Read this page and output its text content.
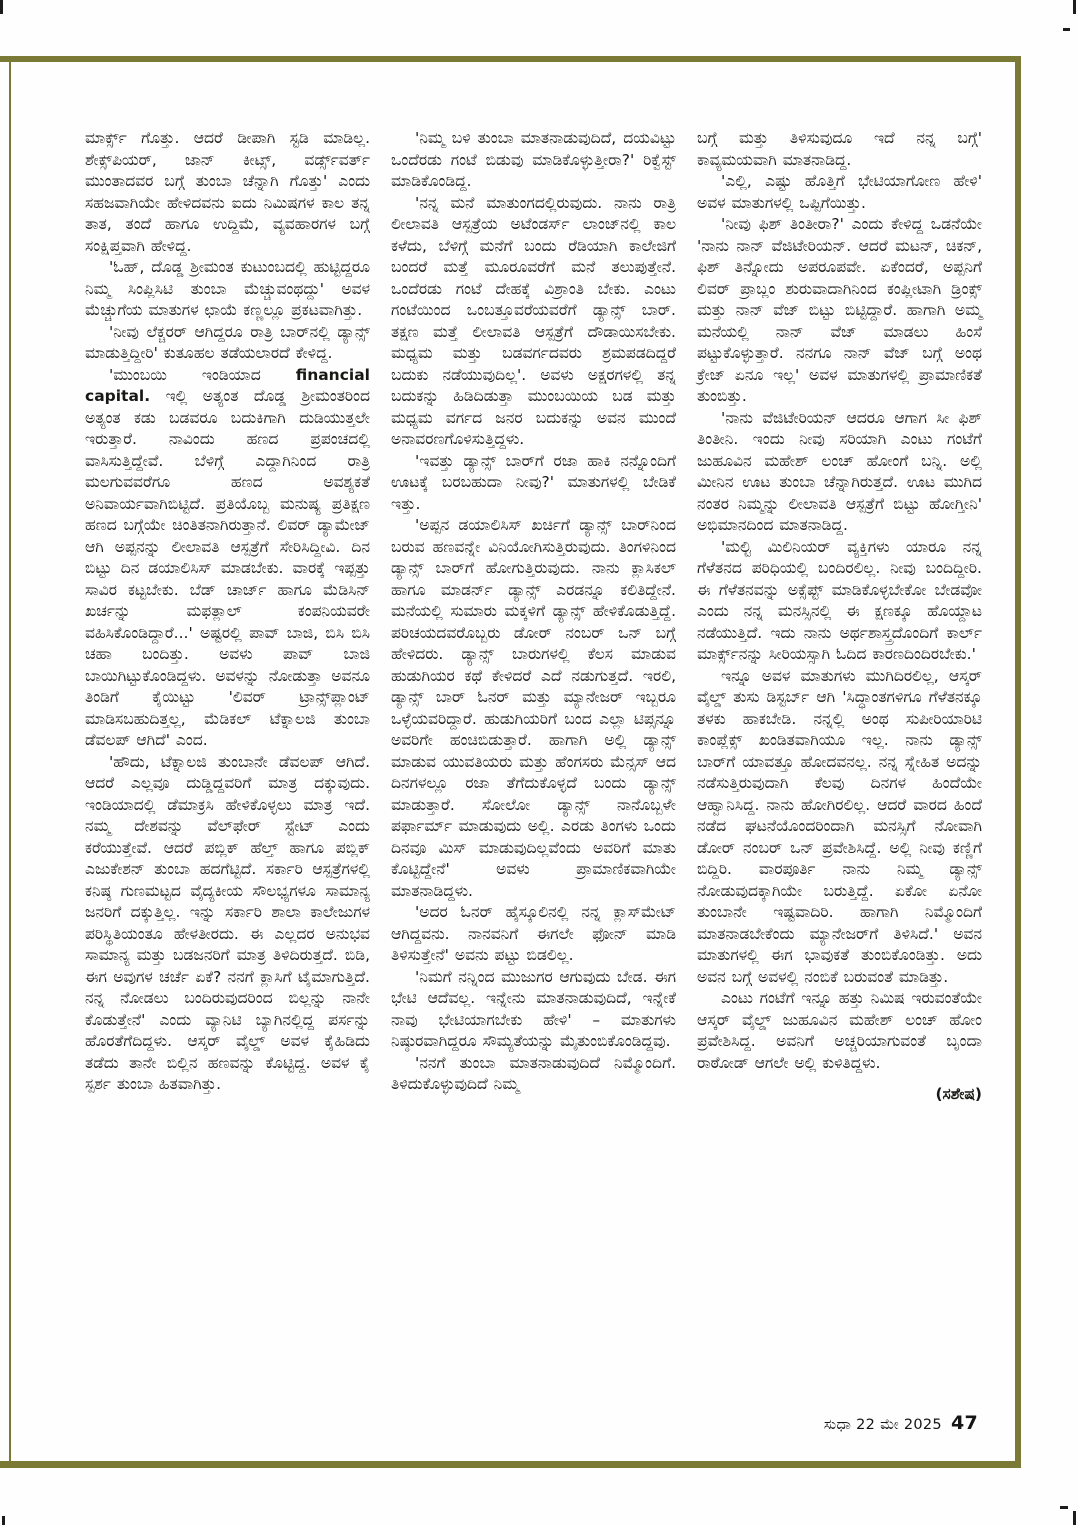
ಮಾರ್ಕ್ಸ್ ಗೊತ್ತು. ಆದರೆ ಡೀಪಾಗಿ ಸ್ಟಡಿ ಮಾಡಿಲ್ಲ. ಶೇಕ್ಸ್‌ಪಿಯರ್, ಜಾನ್ ಕೀಟ್ಸ್, ವರ್ಡ್ಸ್‌ವರ್ತ್ ಮುಂತಾದವರ ಬಗ್ಗೆ ತುಂಬಾ ಚೆನ್ನಾಗಿ ಗೊತ್ತು' ಎಂದು ಸಹಜವಾಗಿಯೇ ಹೇಳಿದವನು ಐದು ನಿಮಿಷಗಳ ಕಾಲ ತನ್ನ ತಾತ, ತಂದೆ ಹಾಗೂ ಉದ್ದಿಮೆ, ವ್ಯವಹಾರಗಳ ಬಗ್ಗೆ ಸಂಕ್ಷಿಪ್ತವಾಗಿ ಹೇಳಿದ್ದ.

'ಓಹ್, ದೊಡ್ಡ ಶ್ರೀಮಂತ ಕುಟುಂಬದಲ್ಲಿ ಹುಟ್ಟಿದ್ದರೂ ನಿಮ್ಮ ಸಿಂಪ್ಲಿಸಿಟಿ ತುಂಬಾ ಮೆಚ್ಚುವಂಥದ್ದು' ಅವಳ ಮೆಚ್ಚುಗೆಯ ಮಾತುಗಳ ಛಾಯೆ ಕಣ್ಣಲ್ಲೂ ಪ್ರಕಟವಾಗಿತ್ತು.

'ನೀವು ಲೆಕ್ಚರರ್ ಆಗಿದ್ದರೂ ರಾತ್ರಿ ಬಾರ್‌ನಲ್ಲಿ ಡ್ಯಾನ್ಸ್ ಮಾಡುತ್ತಿದ್ದೀರಿ' ಕುತೂಹಲ ತಡೆಯಲಾರದೆ ಕೇಳಿದ್ದ.

'ಮುಂಬಯಿ ಇಂಡಿಯಾದ financial capital. ಇಲ್ಲಿ ಅತ್ಯಂತ ದೊಡ್ಡ ಶ್ರೀಮಂತರಿಂದ ಅತ್ಯಂತ ಕಡು ಬಡವರೂ ಬದುಕಿಗಾಗಿ ದುಡಿಯುತ್ತಲೇ ಇರುತ್ತಾರೆ. ನಾವಿಂದು ಹಣದ ಪ್ರಪಂಚದಲ್ಲಿ ವಾಸಿಸುತ್ತಿದ್ದೇವೆ. ಬೆಳಿಗ್ಗೆ ಎದ್ದಾಗಿನಿಂದ ರಾತ್ರಿ ಮಲಗುವವರೆಗೂ ಹಣದ ಅವಶ್ಯಕತೆ ಅನಿವಾರ್ಯವಾಗಿಬಿಟ್ಟಿದೆ. ಪ್ರತಿಯೊಬ್ಬ ಮನುಷ್ಯ ಪ್ರತಿಕ್ಷಣ ಹಣದ ಬಗ್ಗೆಯೇ ಚಿಂತಿತನಾಗಿರುತ್ತಾನೆ. ಲಿವರ್ ಡ್ಯಾಮೇಜ್ ಆಗಿ ಅಪ್ಪನನ್ನು ಲೀಲಾವತಿ ಆಸ್ಪತ್ರೆಗೆ ಸೇರಿಸಿದ್ದೀವಿ. ದಿನ ಬಿಟ್ಟು ದಿನ ಡಯಾಲಿಸಿಸ್ ಮಾಡಬೇಕು. ವಾರಕ್ಕೆ ಇಪ್ಪತ್ತು ಸಾವಿರ ಕಟ್ಟಬೇಕು. ಬೆಡ್ ಚಾರ್ಜ್ ಹಾಗೂ ಮೆಡಿಸಿನ್ ಖರ್ಚನ್ನು ಮಫತ್ಲಾಲ್ ಕಂಪನಿಯವರೇ ವಹಿಸಿಕೊಂಡಿದ್ದಾರೆ...' ಅಷ್ಟರಲ್ಲಿ ಪಾವ್ ಬಾಜಿ, ಬಿಸಿ ಬಿಸಿ ಚಹಾ ಬಂದಿತ್ತು. ಅವಳು ಪಾವ್ ಬಾಜಿ ಬಾಯಿಗಿಟ್ಟುಕೊಂಡಿದ್ದಳು. ಅವಳನ್ನು ನೋಡುತ್ತಾ ಅವನೂ ತಿಂಡಿಗೆ ಕೈಯಿಟ್ಟು 'ಲಿವರ್ ಟ್ರಾನ್ಸ್‌ಪ್ಲಾಂಟ್ ಮಾಡಿಸಬಹುದಿತ್ತಲ್ಲ, ಮೆಡಿಕಲ್ ಟೆಕ್ನಾಲಜಿ ತುಂಬಾ ಡೆವಲಪ್ ಆಗಿದೆ' ಎಂದ.

'ಹೌದು, ಟೆಕ್ನಾಲಜಿ ತುಂಬಾನೇ ಡೆವಲಪ್ ಆಗಿದೆ. ಆದರೆ ಎಲ್ಲವೂ ದುಡ್ಡಿದ್ದವರಿಗೆ ಮಾತ್ರ ದಕ್ಕುವುದು. ಇಂಡಿಯಾದಲ್ಲಿ ಡೆಮಾಕ್ರಸಿ ಹೇಳಿಕೊಳ್ಳಲು ಮಾತ್ರ ಇದೆ. ನಮ್ಮ ದೇಶವನ್ನು ವೆಲ್‌ಫೇರ್ ಸ್ಟೇಟ್ ಎಂದು ಕರೆಯುತ್ತೇವೆ. ಆದರೆ ಪಬ್ಲಿಕ್ ಹೆಲ್ತ್ ಹಾಗೂ ಪಬ್ಲಿಕ್ ಎಜುಕೇಶನ್ ತುಂಬಾ ಹದಗೆಟ್ಟಿದೆ. ಸರ್ಕಾರಿ ಆಸ್ಪತ್ರೆಗಳಲ್ಲಿ ಕನಿಷ್ಠ ಗುಣಮಟ್ಟದ ವೈದ್ಯಕೀಯ ಸೌಲಭ್ಯಗಳೂ ಸಾಮಾನ್ಯ ಜನರಿಗೆ ದಕ್ಕುತ್ತಿಲ್ಲ. ಇನ್ನು ಸರ್ಕಾರಿ ಶಾಲಾ ಕಾಲೇಜುಗಳ ಪರಿಸ್ಥಿತಿಯಂತೂ ಹೇಳತೀರದು. ಈ ಎಲ್ಲದರ ಅನುಭವ ಸಾಮಾನ್ಯ ಮತ್ತು ಬಡಜನರಿಗೆ ಮಾತ್ರ ತಿಳಿದಿರುತ್ತದೆ. ಬಿಡಿ, ಈಗ ಅವುಗಳ ಚರ್ಚೆ ಏಕೆ? ನನಗೆ ಕ್ಲಾಸಿಗೆ ಟೈಮಾಗುತ್ತಿದೆ. ನನ್ನ ನೋಡಲು ಬಂದಿರುವುದರಿಂದ ಬಿಲ್ಲನ್ನು ನಾನೇ ಕೊಡುತ್ತೇನೆ' ಎಂದು ವ್ಯಾನಿಟಿ ಬ್ಯಾಗಿನಲ್ಲಿದ್ದ ಪರ್ಸನ್ನು ಹೊರತೆಗೆದಿದ್ದಳು. ಆಸ್ಕರ್ ವೈಲ್ಡ್ ಅವಳ ಕೈಹಿಡಿದು ತಡೆದು ತಾನೇ ಬಿಲ್ಲಿನ ಹಣವನ್ನು ಕೊಟ್ಟಿದ್ದ. ಅವಳ ಕೈ ಸ್ಪರ್ಶ ತುಂಬಾ ಹಿತವಾಗಿತ್ತು.

'ನಿಮ್ಮ ಬಳಿ ತುಂಬಾ ಮಾತನಾಡುವುದಿದೆ, ದಯವಿಟ್ಟು ಒಂದೆರಡು ಗಂಟೆ ಬಿಡುವು ಮಾಡಿಕೊಳ್ಳುತ್ತೀರಾ?' ರಿಕ್ವೆಸ್ಟ್ ಮಾಡಿಕೊಂಡಿದ್ದ.

'ನನ್ನ ಮನೆ ಮಾತುಂಗದಲ್ಲಿರುವುದು. ನಾನು ರಾತ್ರಿ ಲೀಲಾವತಿ ಆಸ್ಪತ್ರೆಯ ಅಟೆಂಡರ್ಸ್ ಲಾಂಜ್‌ನಲ್ಲಿ ಕಾಲ ಕಳೆದು, ಬೆಳಿಗ್ಗೆ ಮನೆಗೆ ಬಂದು ರೆಡಿಯಾಗಿ ಕಾಲೇಜಿಗೆ ಬಂದರೆ ಮತ್ತೆ ಮೂರೂವರೆಗೆ ಮನೆ ತಲುಪುತ್ತೇನೆ. ಒಂದೆರಡು ಗಂಟೆ ದೇಹಕ್ಕೆ ವಿಶ್ರಾಂತಿ ಬೇಕು. ಎಂಟು ಗಂಟೆಯಿಂದ ಒಂಬತ್ತೂವರೆಯವರೆಗೆ ಡ್ಯಾನ್ಸ್ ಬಾರ್. ತಕ್ಷಣ ಮತ್ತೆ ಲೀಲಾವತಿ ಆಸ್ಪತ್ರೆಗೆ ದೌಡಾಯಿಸಬೇಕು. ಮಧ್ಯಮ ಮತ್ತು ಬಡವರ್ಗದವರು ಶ್ರಮಪಡದಿದ್ದರೆ ಬದುಕು ನಡೆಯುವುದಿಲ್ಲ'. ಅವಳು ಅಕ್ಷರಗಳಲ್ಲಿ ತನ್ನ ಬದುಕನ್ನು ಹಿಡಿದಿಡುತ್ತಾ ಮುಂಬಯಿಯ ಬಡ ಮತ್ತು ಮಧ್ಯಮ ವರ್ಗದ ಜನರ ಬದುಕನ್ನು ಅವನ ಮುಂದೆ ಅನಾವರಣಗೊಳಿಸುತ್ತಿದ್ದಳು.

'ಇವತ್ತು ಡ್ಯಾನ್ಸ್ ಬಾರ್‌ಗೆ ರಜಾ ಹಾಕಿ ನನ್ನೊಂದಿಗೆ ಊಟಕ್ಕೆ ಬರಬಹುದಾ ನೀವು?' ಮಾತುಗಳಲ್ಲಿ ಬೇಡಿಕೆ ಇತ್ತು.

'ಅಪ್ಪನ ಡಯಾಲಿಸಿಸ್ ಖರ್ಚಿಗೆ ಡ್ಯಾನ್ಸ್ ಬಾರ್‌ನಿಂದ ಬರುವ ಹಣವನ್ನೇ ವಿನಿಯೋಗಿಸುತ್ತಿರುವುದು. ತಿಂಗಳಿನಿಂದ ಡ್ಯಾನ್ಸ್ ಬಾರ್‌ಗೆ ಹೋಗುತ್ತಿರುವುದು. ನಾನು ಕ್ಲಾಸಿಕಲ್ ಹಾಗೂ ಮಾಡರ್ನ್ ಡ್ಯಾನ್ಸ್ ಎರಡನ್ನೂ ಕಲಿತಿದ್ದೇನೆ. ಮನೆಯಲ್ಲಿ ಸುಮಾರು ಮಕ್ಕಳಿಗೆ ಡ್ಯಾನ್ಸ್ ಹೇಳಿಕೊಡುತ್ತಿದ್ದೆ. ಪರಿಚಯದವರೊಬ್ಬರು ಡೋರ್ ನಂಬರ್ ಒನ್ ಬಗ್ಗೆ ಹೇಳಿದರು. ಡ್ಯಾನ್ಸ್ ಬಾರುಗಳಲ್ಲಿ ಕೆಲಸ ಮಾಡುವ ಹುಡುಗಿಯರ ಕಥೆ ಕೇಳಿದರೆ ಎದೆ ನಡುಗುತ್ತದೆ. ಇರಲಿ, ಡ್ಯಾನ್ಸ್ ಬಾರ್ ಓನರ್ ಮತ್ತು ಮ್ಯಾನೇಜರ್ ಇಬ್ಬರೂ ಒಳ್ಳೆಯವರಿದ್ದಾರೆ. ಹುಡುಗಿಯರಿಗೆ ಬಂದ ಎಲ್ಲಾ ಟಿಪ್ಸನ್ನೂ ಅವರಿಗೇ ಹಂಚಿಬಿಡುತ್ತಾರೆ. ಹಾಗಾಗಿ ಅಲ್ಲಿ ಡ್ಯಾನ್ಸ್ ಮಾಡುವ ಯುವತಿಯರು ಮತ್ತು ಹೆಂಗಸರು ಮೆನ್ಸಸ್ ಆದ ದಿನಗಳಲ್ಲೂ ರಜಾ ತೆಗೆದುಕೊಳ್ಳದೆ ಬಂದು ಡ್ಯಾನ್ಸ್ ಮಾಡುತ್ತಾರೆ. ಸೋಲೋ ಡ್ಯಾನ್ಸ್ ನಾನೊಬ್ಬಳೇ ಪರ್ಫಾರ್ಮ್ ಮಾಡುವುದು ಅಲ್ಲಿ. ಎರಡು ತಿಂಗಳು ಒಂದು ದಿನವೂ ಮಿಸ್ ಮಾಡುವುದಿಲ್ಲವೆಂದು ಅವರಿಗೆ ಮಾತು ಕೊಟ್ಟಿದ್ದೇನೆ' ಅವಳು ಪ್ರಾಮಾಣಿಕವಾಗಿಯೇ ಮಾತನಾಡಿದ್ದಳು.

'ಅದರ ಓನರ್ ಹೈಸ್ಕೂಲಿನಲ್ಲಿ ನನ್ನ ಕ್ಲಾಸ್‌ಮೇಟ್ ಆಗಿದ್ದವನು. ನಾನವನಿಗೆ ಈಗಲೇ ಫೋನ್ ಮಾಡಿ ತಿಳಿಸುತ್ತೇನೆ' ಅವನು ಪಟ್ಟು ಬಿಡಲಿಲ್ಲ.

'ನಿಮಗೆ ನನ್ನಿಂದ ಮುಜುಗರ ಆಗುವುದು ಬೇಡ. ಈಗ ಭೇಟಿ ಆದೆವಲ್ಲ. ಇನ್ನೇನು ಮಾತನಾಡುವುದಿದೆ, ಇನ್ನೇಕೆ ನಾವು ಭೇಟಿಯಾಗಬೇಕು ಹೇಳಿ' – ಮಾತುಗಳು ನಿಷ್ಠುರವಾಗಿದ್ದರೂ ಸೌಮ್ಯತೆಯನ್ನು ಮೈತುಂಬಿಕೊಂಡಿದ್ದವು.

'ನನಗೆ ತುಂಬಾ ಮಾತನಾಡುವುದಿದೆ ನಿಮ್ಮೊಂದಿಗೆ. ತಿಳಿದುಕೊಳ್ಳುವುದಿದೆ ನಿಮ್ಮ

ಬಗ್ಗೆ ಮತ್ತು ತಿಳಿಸುವುದೂ ಇದೆ ನನ್ನ ಬಗ್ಗೆ' ಕಾವ್ಯಮಯವಾಗಿ ಮಾತನಾಡಿದ್ದ.

'ಎಲ್ಲಿ, ಎಷ್ಟು ಹೊತ್ತಿಗೆ ಭೇಟಿಯಾಗೋಣ ಹೇಳಿ' ಅವಳ ಮಾತುಗಳಲ್ಲಿ ಒಪ್ಪಿಗೆಯಿತ್ತು.

'ನೀವು ಫಿಶ್ ತಿಂತೀರಾ?' ಎಂದು ಕೇಳಿದ್ದ ಒಡನೆಯೇ 'ನಾನು ನಾನ್ ವೆಜಿಟೇರಿಯನ್. ಆದರೆ ಮಟನ್, ಚಿಕನ್, ಫಿಶ್ ತಿನ್ನೋದು ಅಪರೂಪವೇ. ಏಕೆಂದರೆ, ಅಪ್ಪನಿಗೆ ಲಿವರ್ ಪ್ರಾಬ್ಲಂ ಶುರುವಾದಾಗಿನಿಂದ ಕಂಪ್ಲೀಟಾಗಿ ಡ್ರಿಂಕ್ಸ್ ಮತ್ತು ನಾನ್ ವೆಜ್ ಬಿಟ್ಟು ಬಿಟ್ಟಿದ್ದಾರೆ. ಹಾಗಾಗಿ ಅಮ್ಮ ಮನೆಯಲ್ಲಿ ನಾನ್ ವೆಜ್ ಮಾಡಲು ಹಿಂಸೆ ಪಟ್ಟುಕೊಳ್ಳುತ್ತಾರೆ. ನನಗೂ ನಾನ್ ವೆಜ್ ಬಗ್ಗೆ ಅಂಥ ಕ್ರೇಜ್ ಏನೂ ಇಲ್ಲ' ಅವಳ ಮಾತುಗಳಲ್ಲಿ ಪ್ರಾಮಾಣಿಕತೆ ತುಂಬಿತ್ತು.

'ನಾನು ವೆಜಿಟೇರಿಯನ್ ಆದರೂ ಆಗಾಗ ಸೀ ಫಿಶ್ ತಿಂತೀನಿ. ಇಂದು ನೀವು ಸರಿಯಾಗಿ ಎಂಟು ಗಂಟೆಗೆ ಜುಹೂವಿನ ಮಹೇಶ್ ಲಂಚ್ ಹೋಂಗೆ ಬನ್ನಿ. ಅಲ್ಲಿ ಮೀನಿನ ಊಟ ತುಂಬಾ ಚೆನ್ನಾಗಿರುತ್ತದೆ. ಊಟ ಮುಗಿದ ನಂತರ ನಿಮ್ಮನ್ನು ಲೀಲಾವತಿ ಆಸ್ಪತ್ರೆಗೆ ಬಿಟ್ಟು ಹೋಗ್ತೀನಿ' ಅಭಿಮಾನದಿಂದ ಮಾತನಾಡಿದ್ದ.

'ಮಲ್ಟಿ ಮಿಲಿನಿಯರ್ ವ್ಯಕ್ತಿಗಳು ಯಾರೂ ನನ್ನ ಗೆಳೆತನದ ಪರಿಧಿಯಲ್ಲಿ ಬಂದಿರಲಿಲ್ಲ. ನೀವು ಬಂದಿದ್ದೀರಿ. ಈ ಗೆಳೆತನವನ್ನು ಅಕ್ಸೆಪ್ಟ್ ಮಾಡಿಕೊಳ್ಳಬೇಕೋ ಬೇಡವೋ ಎಂದು ನನ್ನ ಮನಸ್ಸಿನಲ್ಲಿ ಈ ಕ್ಷಣಕ್ಕೂ ಹೊಯ್ದಾಟ ನಡೆಯುತ್ತಿದೆ. ಇದು ನಾನು ಅರ್ಥಶಾಸ್ತ್ರದೊಂದಿಗೆ ಕಾರ್ಲ್ ಮಾರ್ಕ್ಸ್‌ನನ್ನು ಸೀರಿಯಸ್ಸಾಗಿ ಓದಿದ ಕಾರಣದಿಂದಿರಬೇಕು.'

ಇನ್ನೂ ಅವಳ ಮಾತುಗಳು ಮುಗಿದಿರಲಿಲ್ಲ, ಆಸ್ಕರ್ ವೈಲ್ಡ್ ತುಸು ಡಿಸ್ಟರ್ಬ್ ಆಗಿ 'ಸಿದ್ಧಾಂತಗಳಿಗೂ ಗೆಳೆತನಕ್ಕೂ ತಳಕು ಹಾಕಬೇಡಿ. ನನ್ನಲ್ಲಿ ಅಂಥ ಸುಪೀರಿಯಾರಿಟಿ ಕಾಂಪ್ಲೆಕ್ಸ್ ಖಂಡಿತವಾಗಿಯೂ ಇಲ್ಲ. ನಾನು ಡ್ಯಾನ್ಸ್ ಬಾರ್‌ಗೆ ಯಾವತ್ತೂ ಹೋದವನಲ್ಲ. ನನ್ನ ಸ್ನೇಹಿತ ಅದನ್ನು ನಡೆಸುತ್ತಿರುವುದಾಗಿ ಕೆಲವು ದಿನಗಳ ಹಿಂದೆಯೇ ಆಹ್ವಾನಿಸಿದ್ದ. ನಾನು ಹೋಗಿರಲಿಲ್ಲ. ಆದರೆ ವಾರದ ಹಿಂದೆ ನಡೆದ ಘಟನೆಯೊಂದರಿಂದಾಗಿ ಮನಸ್ಸಿಗೆ ನೋವಾಗಿ ಡೋರ್ ನಂಬರ್ ಒನ್ ಪ್ರವೇಶಿಸಿದ್ದೆ. ಅಲ್ಲಿ ನೀವು ಕಣ್ಣಿಗೆ ಬಿದ್ದಿರಿ. ವಾರಪೂರ್ತಿ ನಾನು ನಿಮ್ಮ ಡ್ಯಾನ್ಸ್ ನೋಡುವುದಕ್ಕಾಗಿಯೇ ಬರುತ್ತಿದ್ದೆ. ಏಕೋ ಏನೋ ತುಂಬಾನೇ ಇಷ್ಟವಾದಿರಿ. ಹಾಗಾಗಿ ನಿಮ್ಮೊಂದಿಗೆ ಮಾತನಾಡಬೇಕೆಂದು ಮ್ಯಾನೇಜರ್‌ಗೆ ತಿಳಿಸಿದೆ.' ಅವನ ಮಾತುಗಳಲ್ಲಿ ಈಗ ಭಾವುಕತೆ ತುಂಬಿಕೊಂಡಿತ್ತು. ಅದು ಅವನ ಬಗ್ಗೆ ಅವಳಲ್ಲಿ ನಂಬಿಕೆ ಬರುವಂತೆ ಮಾಡಿತ್ತು.

ಎಂಟು ಗಂಟೆಗೆ ಇನ್ನೂ ಹತ್ತು ನಿಮಿಷ ಇರುವಂತೆಯೇ ಆಸ್ಕರ್ ವೈಲ್ಡ್ ಜುಹೂವಿನ ಮಹೇಶ್ ಲಂಚ್ ಹೋಂ ಪ್ರವೇಶಿಸಿದ್ದ. ಅವನಿಗೆ ಅಚ್ಚರಿಯಾಗುವಂತೆ ಬೃಂದಾ ರಾಠೋಡ್ ಆಗಲೇ ಅಲ್ಲಿ ಕುಳಿತಿದ್ದಳು.

(ಸಶೇಷ)

ಸುಧಾ 22 ಮೇ 2025 47
